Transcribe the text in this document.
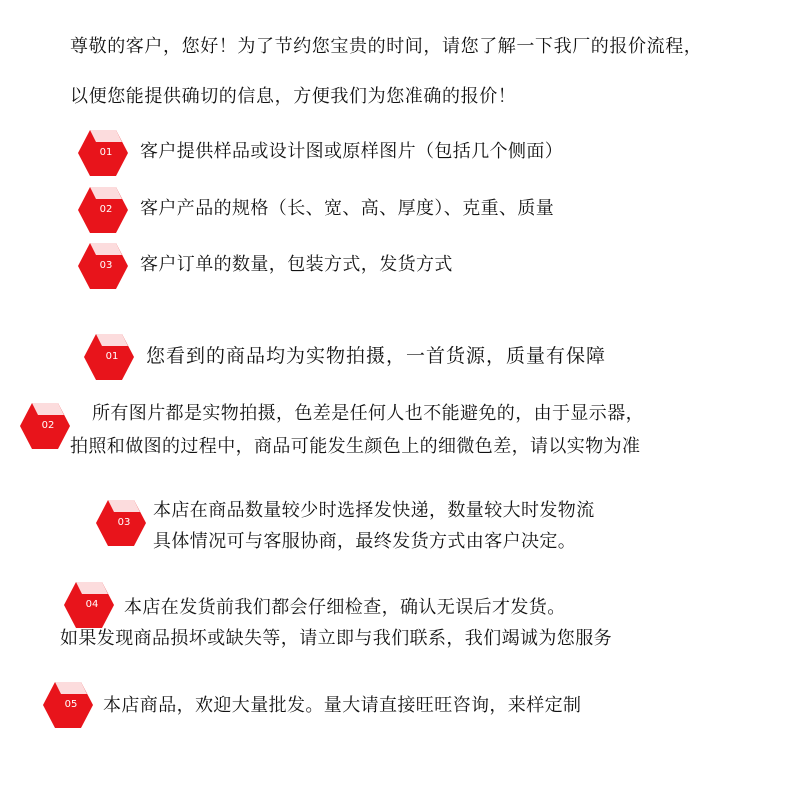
尊敬的客户，您好！为了节约您宝贵的时间，请您了解一下我厂的报价流程，
以便您能提供确切的信息，方便我们为您准确的报价！
01	客户提供样品或设计图或原样图片（包括几个侧面）
02	客户产品的规格（长、宽、高、厚度）、克重、质量
03	客户订单的数量，包装方式，发货方式
01	您看到的商品均为实物拍摄，一首货源，质量有保障
02
所有图片都是实物拍摄，色差是任何人也不能避免的，由于显示器，
拍照和做图的过程中，商品可能发生颜色上的细微色差，请以实物为准
03
本店在商品数量较少时选择发快递，数量较大时发物流
具体情况可与客服协商，最终发货方式由客户决定。
04	本店在发货前我们都会仔细检查，确认无误后才发货。
如果发现商品损坏或缺失等，请立即与我们联系，我们竭诚为您服务
05	本店商品，欢迎大量批发。量大请直接旺旺咨询，来样定制
